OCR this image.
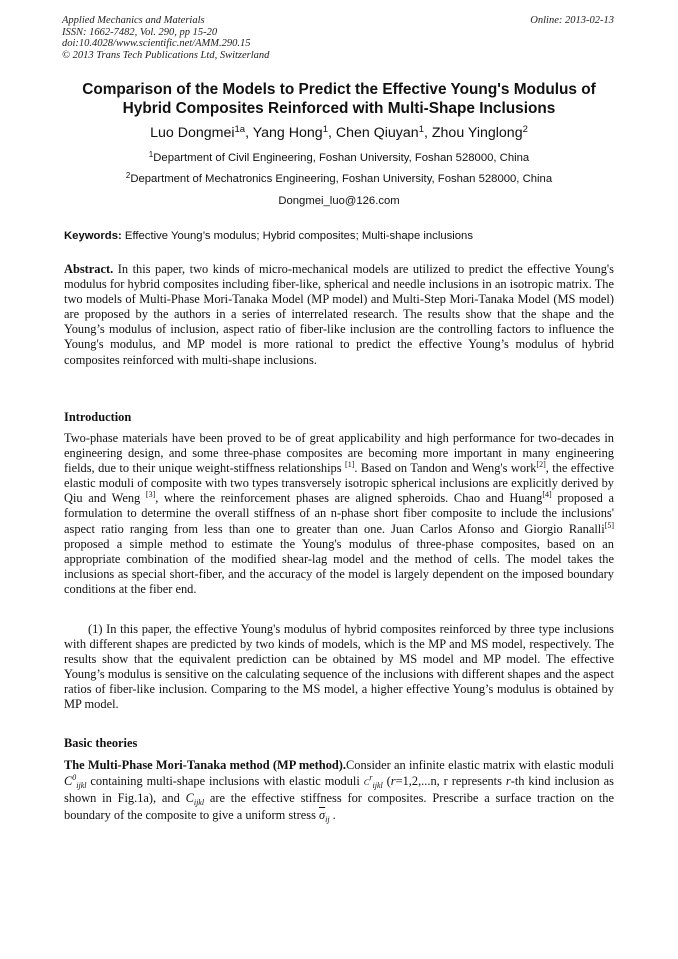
Applied Mechanics and Materials
ISSN: 1662-7482, Vol. 290, pp 15-20
doi:10.4028/www.scientific.net/AMM.290.15
© 2013 Trans Tech Publications Ltd, Switzerland
Online: 2013-02-13
Comparison of the Models to Predict the Effective Young's Modulus of
Hybrid Composites Reinforced with Multi-Shape Inclusions
Luo Dongmei$^{1a}$, Yang Hong$^1$, Chen Qiuyan$^1$, Zhou Yinglong$^2$
$^1$Department of Civil Engineering, Foshan University, Foshan 528000, China
$^2$Department of Mechatronics Engineering, Foshan University, Foshan 528000, China
Dongmei_luo@126.com
Keywords: Effective Young’s modulus; Hybrid composites; Multi-shape inclusions
Abstract. In this paper, two kinds of micro-mechanical models are utilized to predict the effective Young's modulus for hybrid composites including fiber-like, spherical and needle inclusions in an isotropic matrix. The two models of Multi-Phase Mori-Tanaka Model (MP model) and Multi-Step Mori-Tanaka Model (MS model) are proposed by the authors in a series of interrelated research. The results show that the shape and the Young’s modulus of inclusion, aspect ratio of fiber-like inclusion are the controlling factors to influence the Young's modulus, and MP model is more rational to predict the effective Young’s modulus of hybrid composites reinforced with multi-shape inclusions.
Introduction
Two-phase materials have been proved to be of great applicability and high performance for two-decades in engineering design, and some three-phase composites are becoming more important in many engineering fields, due to their unique weight-stiffness relationships [1]. Based on Tandon and Weng's work[2], the effective elastic moduli of composite with two types transversely isotropic spherical inclusions are explicitly derived by Qiu and Weng [3], where the reinforcement phases are aligned spheroids. Chao and Huang[4] proposed a formulation to determine the overall stiffness of an n-phase short fiber composite to include the inclusions' aspect ratio ranging from less than one to greater than one. Juan Carlos Afonso and Giorgio Ranalli[5] proposed a simple method to estimate the Young's modulus of three-phase composites, based on an appropriate combination of the modified shear-lag model and the method of cells. The model takes the inclusions as special short-fiber, and the accuracy of the model is largely dependent on the imposed boundary conditions at the fiber end.
(1) In this paper, the effective Young's modulus of hybrid composites reinforced by three type inclusions with different shapes are predicted by two kinds of models, which is the MP and MS model, respectively. The results show that the equivalent prediction can be obtained by MS model and MP model. The effective Young’s modulus is sensitive on the calculating sequence of the inclusions with different shapes and the aspect ratios of fiber-like inclusion. Comparing to the MS model, a higher effective Young’s modulus is obtained by MP model.
Basic theories
The Multi-Phase Mori-Tanaka method (MP method).Consider an infinite elastic matrix with elastic moduli $C^0_{ijkl}$ containing multi-shape inclusions with elastic moduli $C^r_{ijkl}$ (r=1,2,...n, r represents r-th kind inclusion as shown in Fig.1a), and $C_{ijkl}$ are the effective stiffness for composites. Prescribe a surface traction on the boundary of the composite to give a uniform stress $\overline{\sigma}_{ij}$ .
